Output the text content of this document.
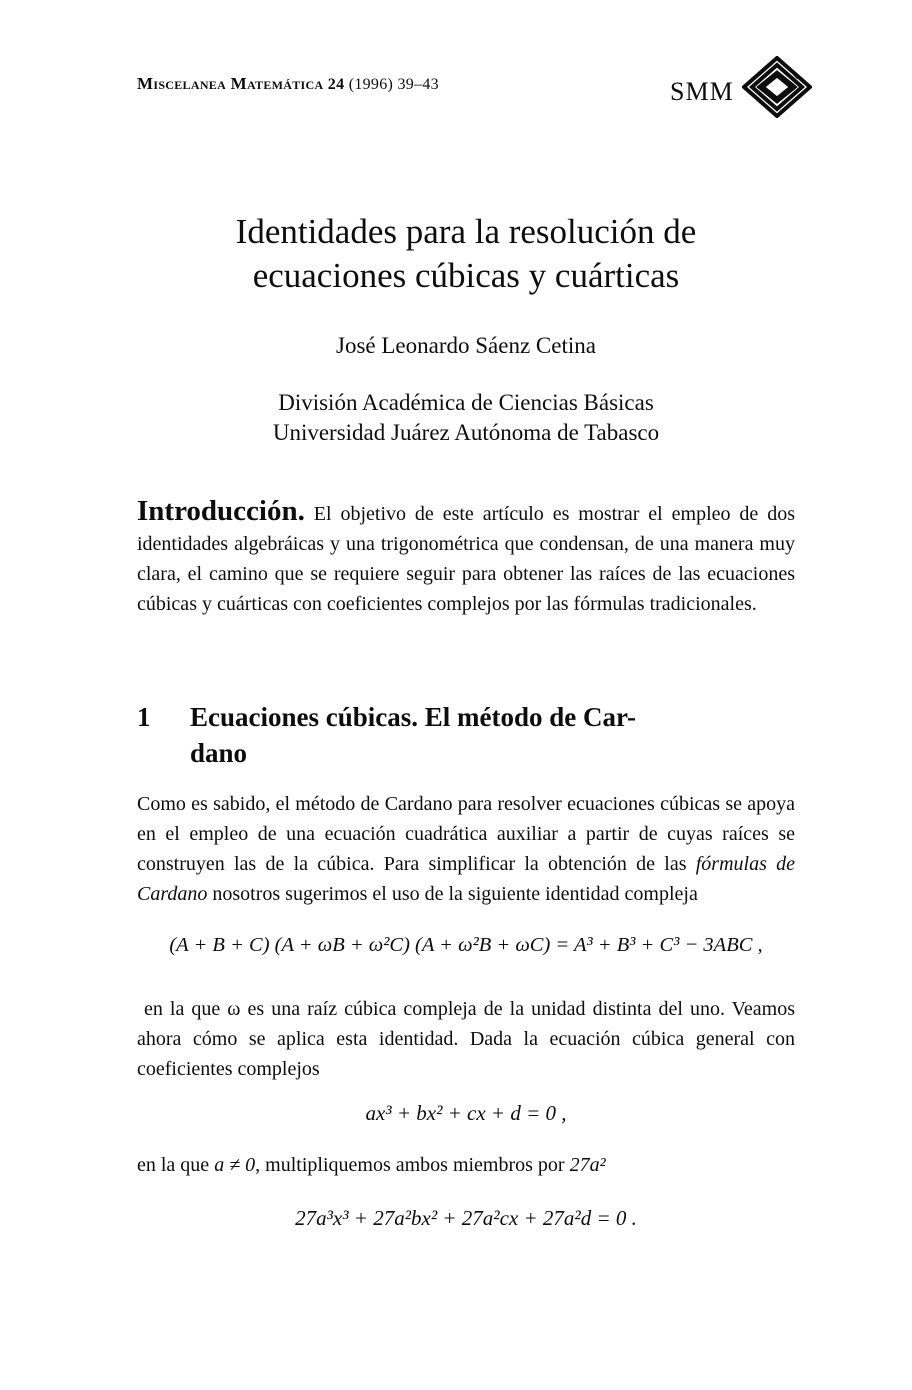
Miscelanea Matemática 24 (1996) 39–43	SMM
Identidades para la resolución de
ecuaciones cúbicas y cuárticas
José Leonardo Sáenz Cetina
División Académica de Ciencias Básicas
Universidad Juárez Autónoma de Tabasco
Introducción. El objetivo de este artículo es mostrar el empleo de dos identidades algebráicas y una trigonométrica que condensan, de una manera muy clara, el camino que se requiere seguir para obtener las raíces de las ecuaciones cúbicas y cuárticas con coeficientes complejos por las fórmulas tradicionales.
1	Ecuaciones cúbicas. El método de Car-
dano
Como es sabido, el método de Cardano para resolver ecuaciones cúbicas se apoya en el empleo de una ecuación cuadrática auxiliar a partir de cuyas raíces se construyen las de la cúbica. Para simplificar la obtención de las fórmulas de Cardano nosotros sugerimos el uso de la siguiente identidad compleja
(A + B + C) (A + ωB + ω²C) (A + ω²B + ωC) = A³ + B³ + C³ − 3ABC ,
en la que ω es una raíz cúbica compleja de la unidad distinta del uno. Veamos ahora cómo se aplica esta identidad. Dada la ecuación cúbica general con coeficientes complejos
ax³ + bx² + cx + d = 0 ,
en la que a ≠ 0, multipliquemos ambos miembros por 27a²
27a³x³ + 27a²bx² + 27a²cx + 27a²d = 0 .
